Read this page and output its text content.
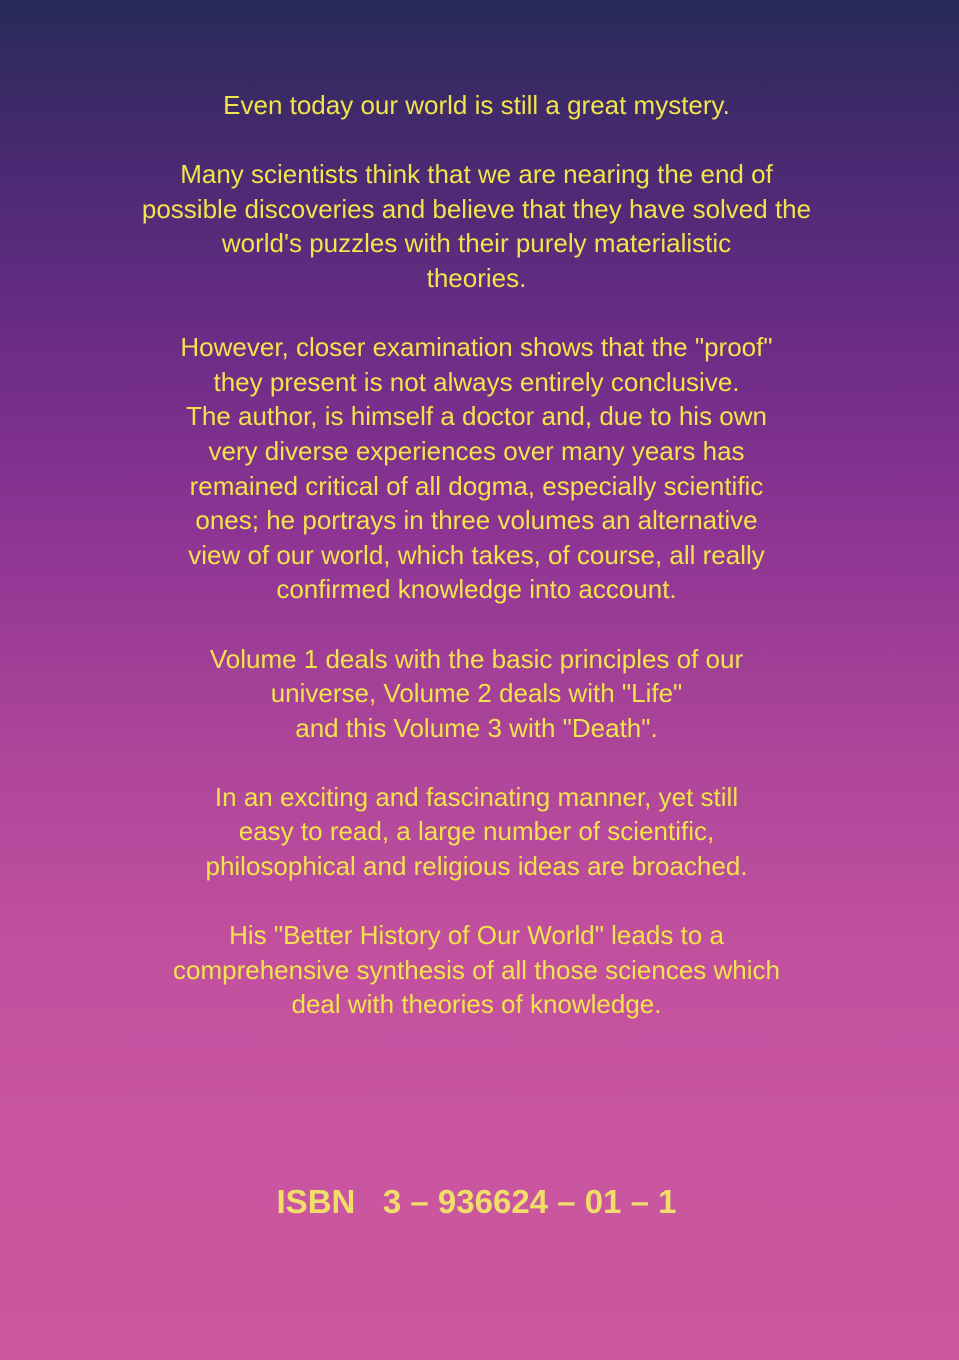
Even today our world is still a great mystery.

Many scientists think that we are nearing the end of
possible discoveries and believe that they have solved the
world's puzzles with their purely materialistic
theories.

However, closer examination shows that the "proof"
they present is not always entirely conclusive.
The author, is himself a doctor and, due to his own
very diverse experiences over many years has
remained critical of all dogma, especially scientific
ones; he portrays in three volumes an alternative
view of our world, which takes, of course, all really
confirmed knowledge into account.

Volume 1 deals with the basic principles of our
universe, Volume 2 deals with "Life"
and this Volume 3 with "Death".

In an exciting and fascinating manner, yet still
easy to read, a large number of scientific,
philosophical and religious ideas are broached.

His "Better History of Our World" leads to a
comprehensive synthesis of all those sciences which
deal with theories of knowledge.

ISBN   3 – 936624 – 01 – 1
